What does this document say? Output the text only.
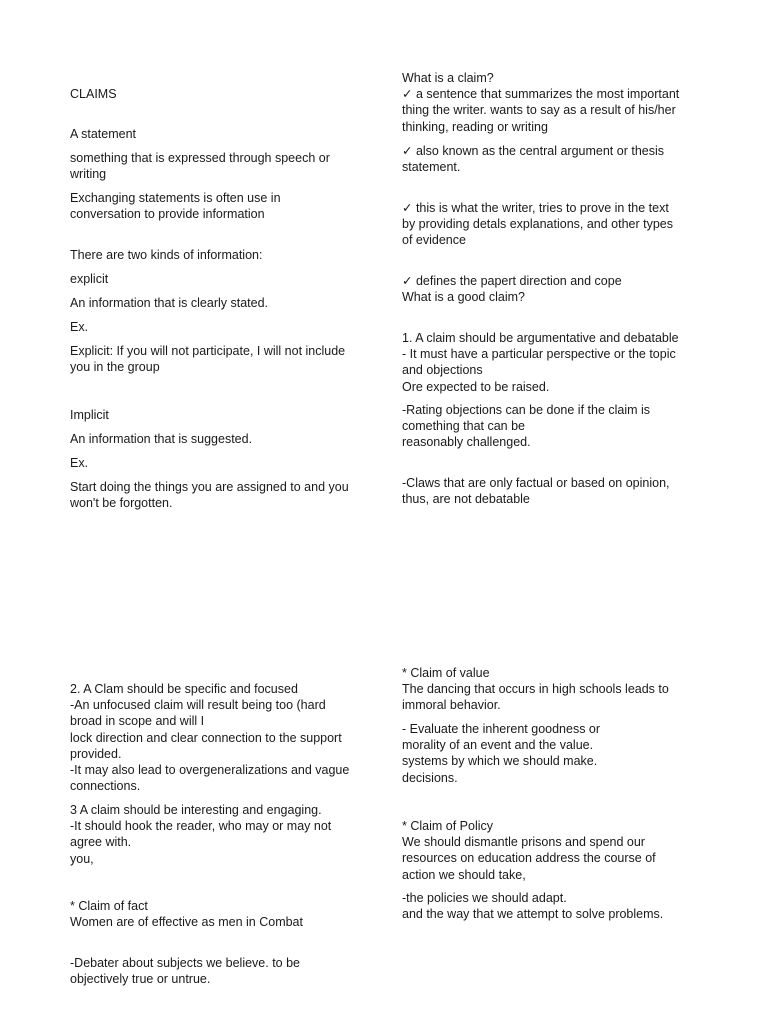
CLAIMS

A statement

something that is expressed through speech or
writing

Exchanging statements is often use in
conversation to provide information

There are two kinds of information:

explicit

An information that is clearly stated.

Ex.

Explicit: If you will not participate, I will not include
you in the group

Implicit

An information that is suggested.

Ex.

Start doing the things you are assigned to and you
won't be forgotten.

What is a claim?
✓ a sentence that summarizes the most important
thing the writer. wants to say as a result of his/her
thinking, reading or writing

✓ also known as the central argument or thesis
statement.

✓ this is what the writer, tries to prove in the text
by providing detals explanations, and other types
of evidence

✓ defines the papert direction and cope
What is a good claim?

1. A claim should be argumentative and debatable
- It must have a particular perspective or the topic
and objections
Ore expected to be raised.

-Rating objections can be done if the claim is
comething that can be
reasonably challenged.

-Claws that are only factual or based on opinion,
thus, are not debatable

2. A Clam should be specific and focused
-An unfocused claim will result being too (hard
broad in scope and will I
lock direction and clear connection to the support
provided.
-It may also lead to overgeneralizations and vague
connections.

3 A claim should be interesting and engaging.
-It should hook the reader, who may or may not
agree with.
you,

* Claim of fact
Women are of effective as men in Combat

-Debater about subjects we believe. to be
objectively true or untrue.

* Claim of value
The dancing that occurs in high schools leads to
immoral behavior.

- Evaluate the inherent goodness or
morality of an event and the value.
systems by which we should make.
decisions.

* Claim of Policy
We should dismantle prisons and spend our
resources on education address the course of
action we should take,

-the policies we should adapt.
and the way that we attempt to solve problems.
